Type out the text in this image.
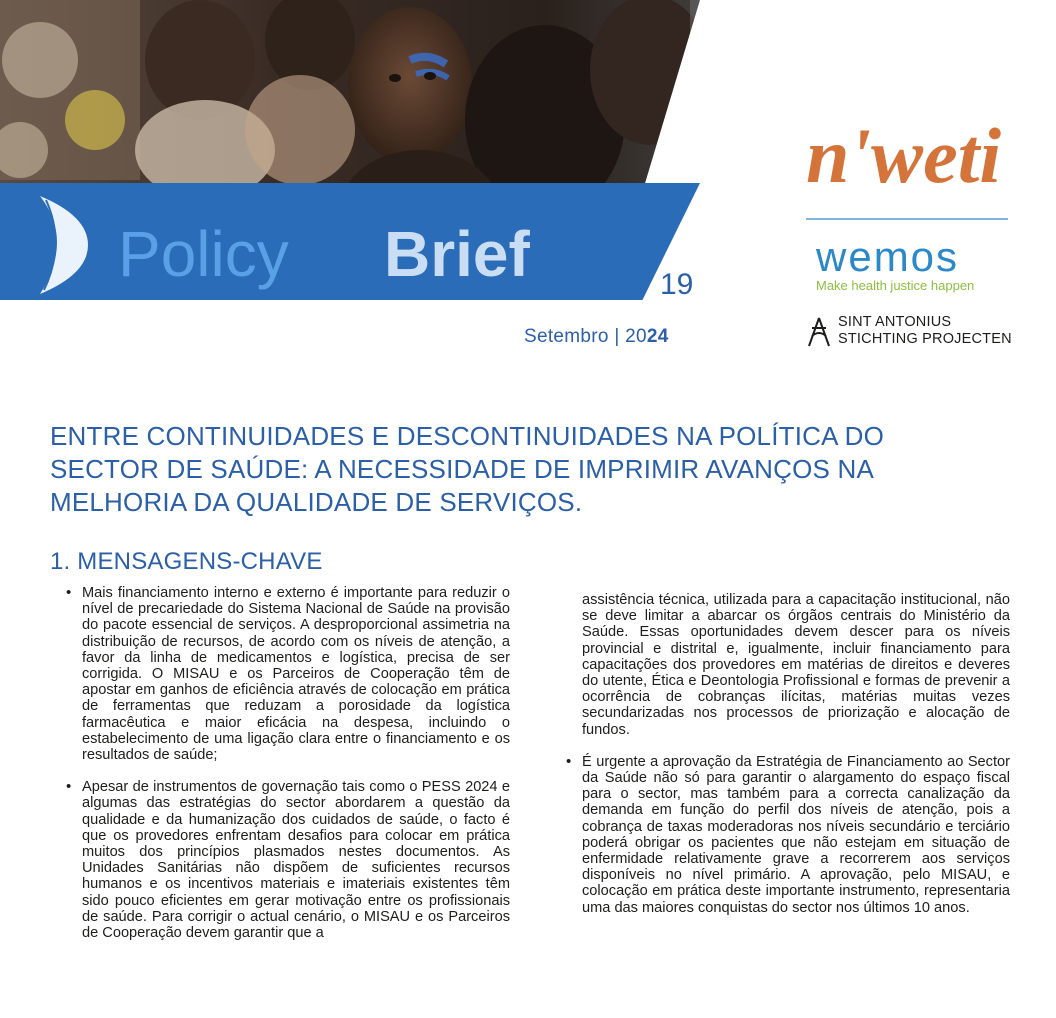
Policy Brief	19
n'weti
wemos
Make health justice happen
SINT ANTONIUS
STICHTING PROJECTEN
Setembro | 2024
ENTRE CONTINUIDADES E DESCONTINUIDADES NA POLÍTICA DO SECTOR DE SAÚDE: A NECESSIDADE DE IMPRIMIR AVANÇOS NA MELHORIA DA QUALIDADE DE SERVIÇOS.
1. MENSAGENS-CHAVE
• Mais financiamento interno e externo é importante para reduzir o nível de precariedade do Sistema Nacional de Saúde na provisão do pacote essencial de serviços. A desproporcional assimetria na distribuição de recursos, de acordo com os níveis de atenção, a favor da linha de medicamentos e logística, precisa de ser corrigida. O MISAU e os Parceiros de Cooperação têm de apostar em ganhos de eficiência através de colocação em prática de ferramentas que reduzam a porosidade da logística farmacêutica e maior eficácia na despesa, incluindo o estabelecimento de uma ligação clara entre o financiamento e os resultados de saúde;
• Apesar de instrumentos de governação tais como o PESS 2024 e algumas das estratégias do sector abordarem a questão da qualidade e da humanização dos cuidados de saúde, o facto é que os provedores enfrentam desafios para colocar em prática muitos dos princípios plasmados nestes documentos. As Unidades Sanitárias não dispõem de suficientes recursos humanos e os incentivos materiais e imateriais existentes têm sido pouco eficientes em gerar motivação entre os profissionais de saúde. Para corrigir o actual cenário, o MISAU e os Parceiros de Cooperação devem garantir que a
assistência técnica, utilizada para a capacitação institucional, não se deve limitar a abarcar os órgãos centrais do Ministério da Saúde. Essas oportunidades devem descer para os níveis provincial e distrital e, igualmente, incluir financiamento para capacitações dos provedores em matérias de direitos e deveres do utente, Ética e Deontologia Profissional e formas de prevenir a ocorrência de cobranças ilícitas, matérias muitas vezes secundarizadas nos processos de priorização e alocação de fundos.
• É urgente a aprovação da Estratégia de Financiamento ao Sector da Saúde não só para garantir o alargamento do espaço fiscal para o sector, mas também para a correcta canalização da demanda em função do perfil dos níveis de atenção, pois a cobrança de taxas moderadoras nos níveis secundário e terciário poderá obrigar os pacientes que não estejam em situação de enfermidade relativamente grave a recorrerem aos serviços disponíveis no nível primário. A aprovação, pelo MISAU, e colocação em prática deste importante instrumento, representaria uma das maiores conquistas do sector nos últimos 10 anos.
